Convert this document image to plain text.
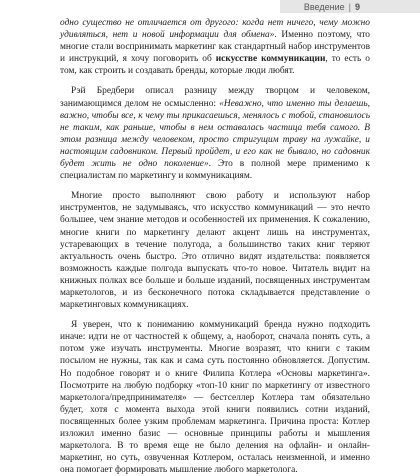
Введение | 9

одно существо не отличается от другого: когда нет ничего, чему можно удивляться, нет и новой информации для обмена». Именно поэтому, что многие стали воспринимать маркетинг как стандартный набор инструментов и инструкций, я хочу поговорить об искусстве коммуникации, то есть о том, как строить и создавать бренды, которые люди любят.

Рэй Бредбери описал разницу между творцом и человеком, занимающимся делом не осмысленно: «Неважно, что именно ты делаешь, важно, чтобы все, к чему ты прикасаешься, менялось с тобой, становилось не таким, как раньше, чтобы в нем оставалась частица тебя самого. В этом разница между человеком, просто стригущим траву на лужайке, и настоящим садовником. Первый пройдет, и его как не бывало, но садовник будет жить не одно поколение». Это в полной мере применимо к специалистам по маркетингу и коммуникациям.

Многие просто выполняют свою работу и используют набор инструментов, не задумываясь, что искусство коммуникаций — это нечто большее, чем знание методов и особенностей их применения. К сожалению, многие книги по маркетингу делают акцент лишь на инструментах, устаревающих в течение полугода, а большинство таких книг теряют актуальность очень быстро. Это отлично видят издательства: появляется возможность каждые полгода выпускать что-то новое. Читатель видит на книжных полках все больше и больше изданий, посвященных инструментам маркетологов, и из бесконечного потока складывается представление о маркетинговых коммуникациях.

Я уверен, что к пониманию коммуникаций бренда нужно подходить иначе: идти не от частностей к общему, а, наоборот, сначала понять суть, а потом уже изучать инструменты. Многие возразят, что книги с таким посылом не нужны, так как и сама суть постоянно обновляется. Допустим. Но подобное говорят и о книге Филипа Котлера «Основы маркетинга». Посмотрите на любую подборку «топ-10 книг по маркетингу от известного маркетолога/предпринимателя» — бестселлер Котлера там обязательно будет, хотя с момента выхода этой книги появились сотни изданий, посвященных более узким проблемам маркетинга. Причина проста: Котлер изложил именно базис — основные принципы работы и мышления маркетолога. В то время еще не было деления на офлайн- и онлайн-маркетинг, но суть, озвученная Котлером, осталась неизменной, и именно она помогает формировать мышление любого маркетолога.
